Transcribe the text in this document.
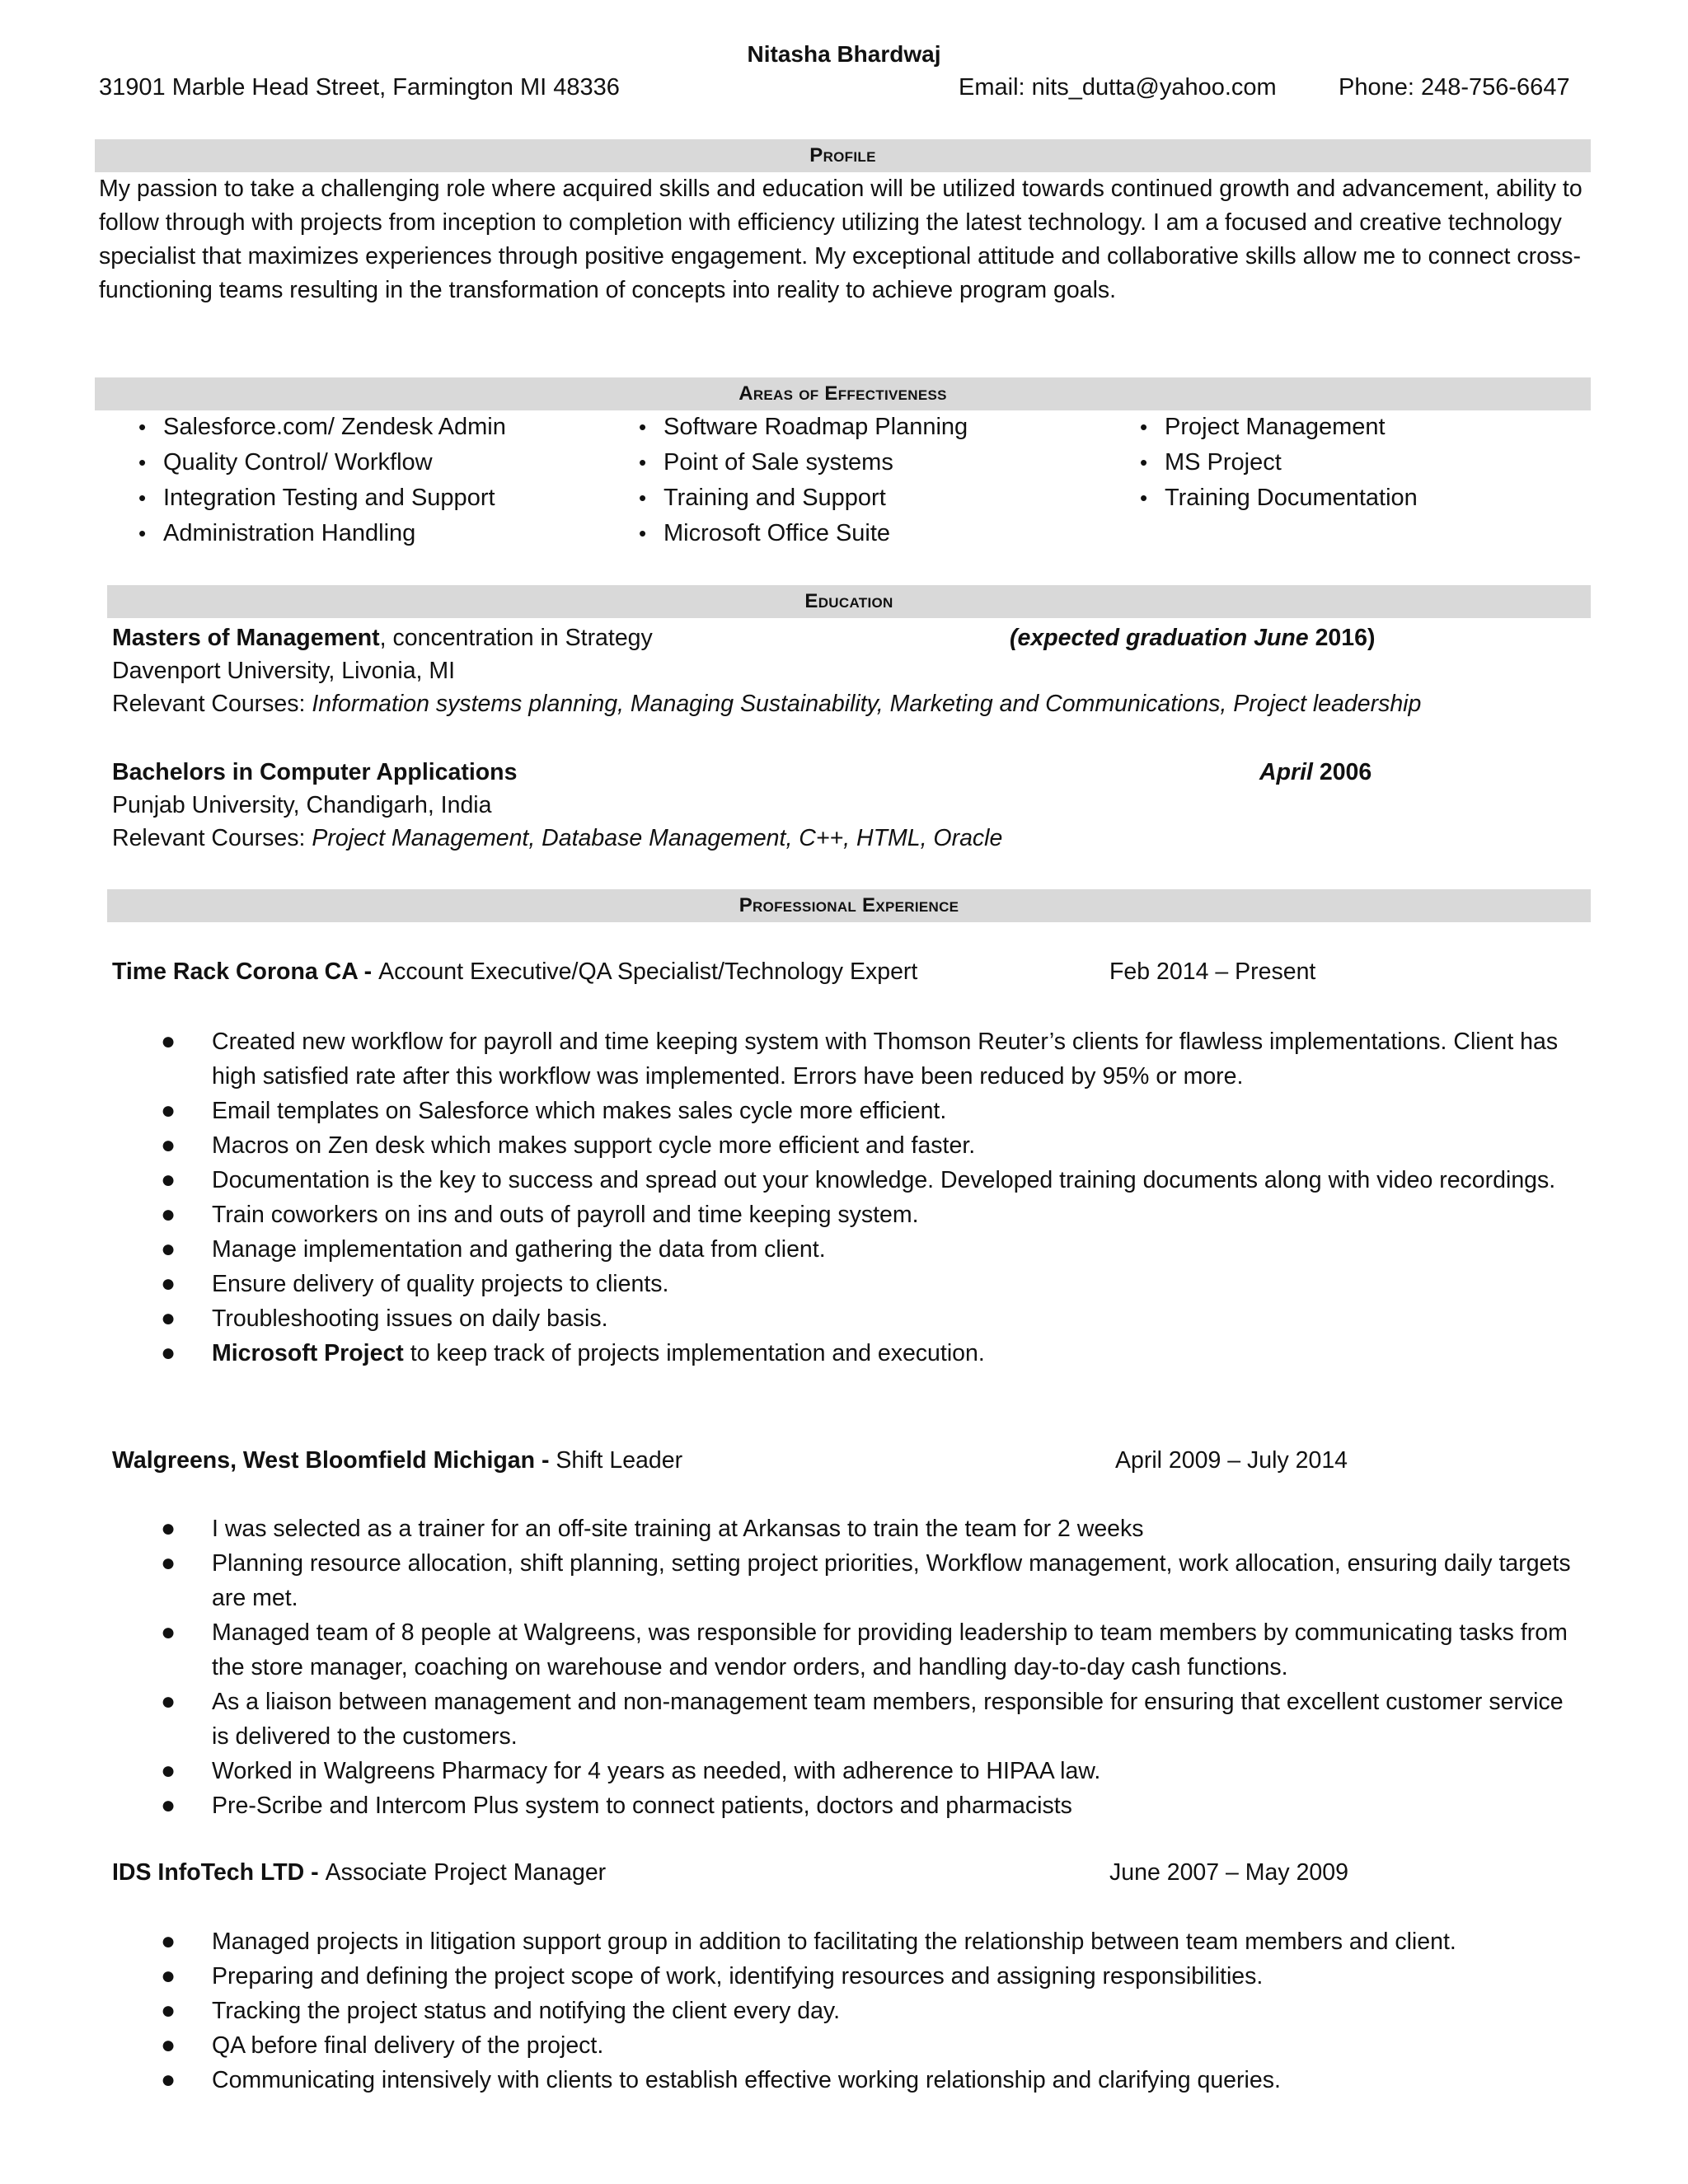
Nitasha Bhardwaj
31901 Marble Head Street, Farmington MI 48336	Email: nits_dutta@yahoo.com	Phone: 248-756-6647
Profile
My passion to take a challenging role where acquired skills and education will be utilized towards continued growth and advancement, ability to follow through with projects from inception to completion with efficiency utilizing the latest technology. I am a focused and creative technology specialist that maximizes experiences through positive engagement. My exceptional attitude and collaborative skills allow me to connect cross-functioning teams resulting in the transformation of concepts into reality to achieve program goals.
Areas of Effectiveness
• Salesforce.com/ Zendesk Admin
• Quality Control/ Workflow
• Integration Testing and Support
• Administration Handling
• Software Roadmap Planning
• Point of Sale systems
• Training and Support
• Microsoft Office Suite
• Project Management
• MS Project
• Training Documentation
Education
Masters of Management, concentration in Strategy
Davenport University, Livonia, MI
Relevant Courses: Information systems planning, Managing Sustainability, Marketing and Communications, Project leadership
(expected graduation June 2016)
Bachelors in Computer Applications
Punjab University, Chandigarh, India
Relevant Courses: Project Management, Database Management, C++, HTML, Oracle
April 2006
Professional Experience
Time Rack Corona CA - Account Executive/QA Specialist/Technology Expert	Feb 2014 – Present
● Created new workflow for payroll and time keeping system with Thomson Reuter’s clients for flawless implementations. Client has high satisfied rate after this workflow was implemented. Errors have been reduced by 95% or more.
● Email templates on Salesforce which makes sales cycle more efficient.
● Macros on Zen desk which makes support cycle more efficient and faster.
● Documentation is the key to success and spread out your knowledge. Developed training documents along with video recordings.
● Train coworkers on ins and outs of payroll and time keeping system.
● Manage implementation and gathering the data from client.
● Ensure delivery of quality projects to clients.
● Troubleshooting issues on daily basis.
● Microsoft Project to keep track of projects implementation and execution.
Walgreens, West Bloomfield Michigan - Shift Leader	April 2009 – July 2014
● I was selected as a trainer for an off-site training at Arkansas to train the team for 2 weeks
● Planning resource allocation, shift planning, setting project priorities, Workflow management, work allocation, ensuring daily targets are met.
● Managed team of 8 people at Walgreens, was responsible for providing leadership to team members by communicating tasks from the store manager, coaching on warehouse and vendor orders, and handling day-to-day cash functions.
● As a liaison between management and non-management team members, responsible for ensuring that excellent customer service is delivered to the customers.
● Worked in Walgreens Pharmacy for 4 years as needed, with adherence to HIPAA law.
● Pre-Scribe and Intercom Plus system to connect patients, doctors and pharmacists
IDS InfoTech LTD - Associate Project Manager	June 2007 – May 2009
● Managed projects in litigation support group in addition to facilitating the relationship between team members and client.
● Preparing and defining the project scope of work, identifying resources and assigning responsibilities.
● Tracking the project status and notifying the client every day.
● QA before final delivery of the project.
● Communicating intensively with clients to establish effective working relationship and clarifying queries.
